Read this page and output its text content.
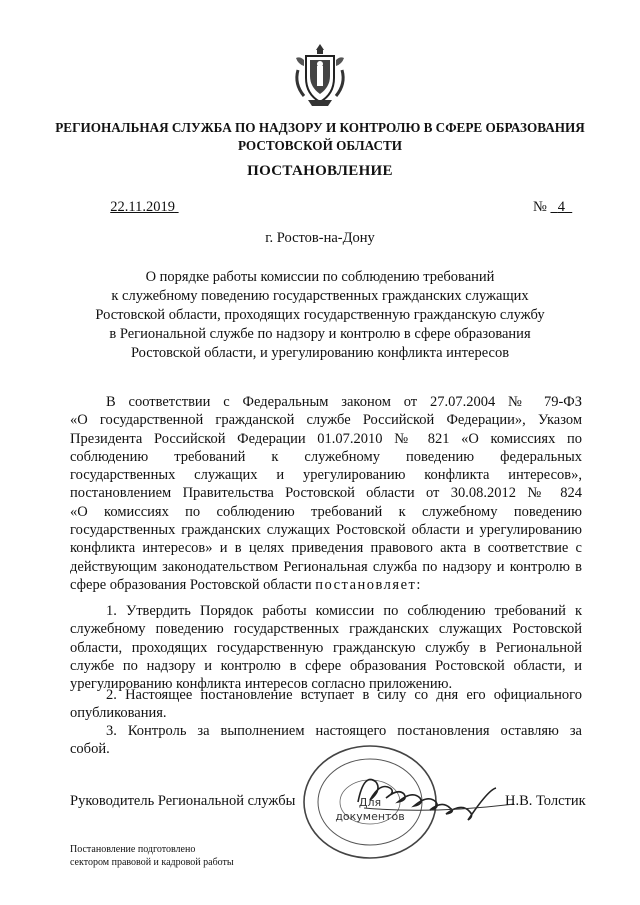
РЕГИОНАЛЬНАЯ СЛУЖБА ПО НАДЗОРУ И КОНТРОЛЮ В СФЕРЕ ОБРАЗОВАНИЯ
РОСТОВСКОЙ ОБЛАСТИ
ПОСТАНОВЛЕНИЕ
22.11.2019	№ 4
г. Ростов-на-Дону
О порядке работы комиссии по соблюдению требований
к служебному поведению государственных гражданских служащих
Ростовской области, проходящих государственную гражданскую службу
в Региональной службе по надзору и контролю в сфере образования
Ростовской области, и урегулированию конфликта интересов
В соответствии с Федеральным законом от 27.07.2004 № 79-ФЗ
«О государственной гражданской службе Российской Федерации», Указом
Президента Российской Федерации 01.07.2010 № 821 «О комиссиях по
соблюдению требований к служебному поведению федеральных
государственных служащих и урегулированию конфликта интересов»,
постановлением Правительства Ростовской области от 30.08.2012 № 824
«О комиссиях по соблюдению требований к служебному поведению
государственных гражданских служащих Ростовской области и урегулированию
конфликта интересов» и в целях приведения правового акта в соответствие с
действующим законодательством Региональная служба по надзору и контролю в
сфере образования Ростовской области постановляет:
1. Утвердить Порядок работы комиссии по соблюдению требований к
служебному поведению государственных гражданских служащих Ростовской
области, проходящих государственную гражданскую службу в Региональной
службе по надзору и контролю в сфере образования Ростовской области, и
урегулированию конфликта интересов согласно приложению.
2. Настоящее постановление вступает в силу со дня его официального
опубликования.
3. Контроль за выполнением настоящего постановления оставляю за
собой.
Для
документов
Руководитель Региональной службы	Н.В. Толстик
Постановление подготовлено
сектором правовой и кадровой работы
